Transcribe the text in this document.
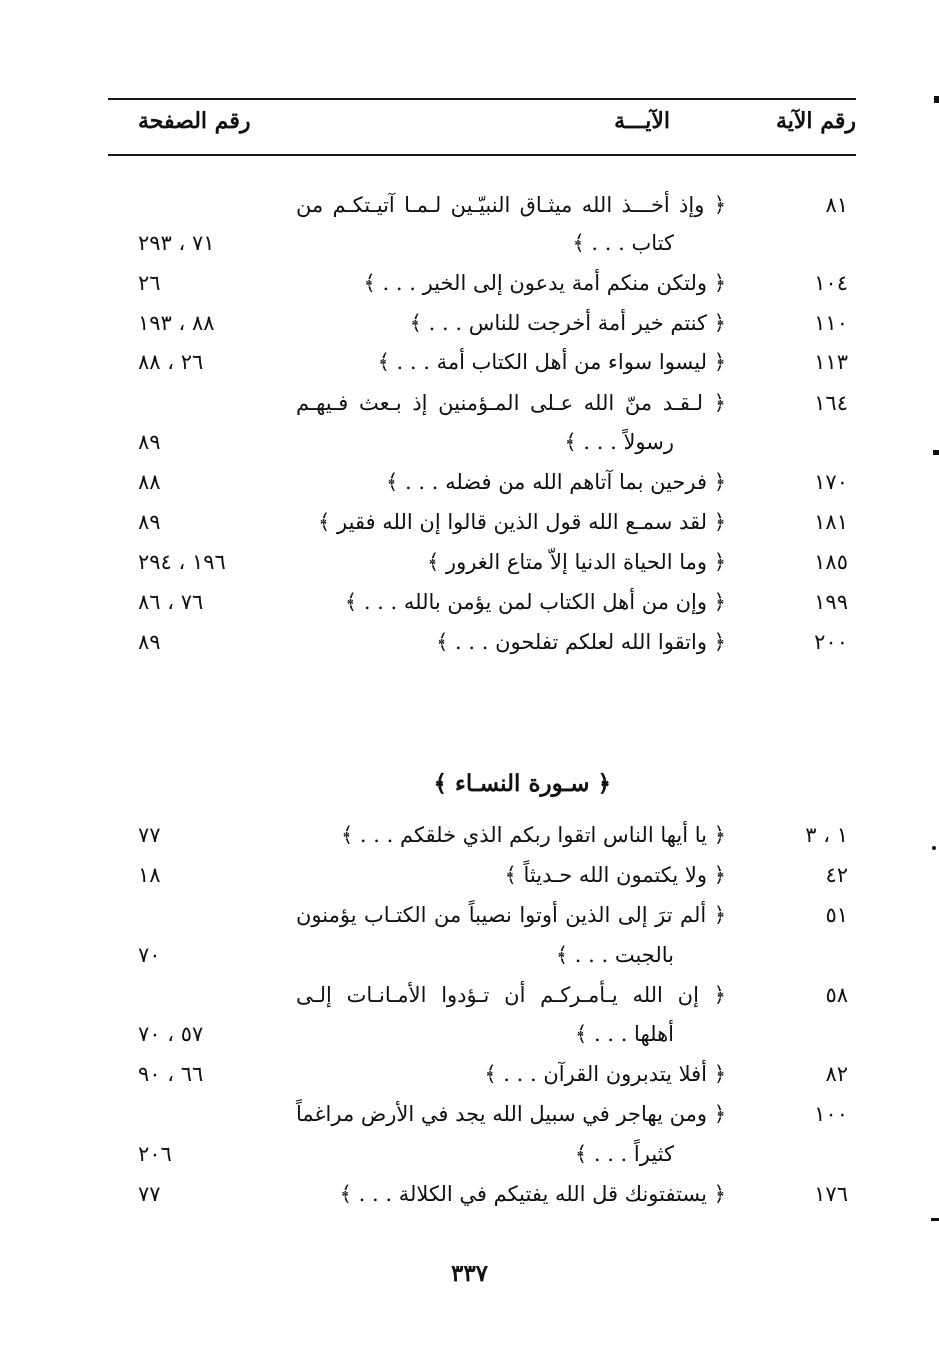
رقم الآية
الآيـــة
رقم الصفحة
٨١
﴿ وإذ أخـــذ الله ميثـاق النبيّـين لـمـا آتيـتكـم من
كتاب . . . ﴾
٧١ ، ٢٩٣
١٠٤
﴿ ولتكن منكم أمة يدعون إلى الخير . . . ﴾
٢٦
١١٠
﴿ كنتم خير أمة أخرجت للناس . . . ﴾
٨٨ ، ١٩٣
١١٣
﴿ ليسوا سواء من أهل الكتاب أمة . . . ﴾
٢٦ ، ٨٨
١٦٤
﴿ لـقـد منّ الله عـلى المـؤمنين إذ بـعث فـيهـم
رسولاً . . . ﴾
٨٩
١٧٠
﴿ فرحين بما آتاهم الله من فضله . . . ﴾
٨٨
١٨١
﴿ لقد سمـع الله قول الذين قالوا إن الله فقير ﴾
٨٩
١٨٥
﴿ وما الحياة الدنيا إلاّ متاع الغرور ﴾
١٩٦ ، ٢٩٤
١٩٩
﴿ وإن من أهل الكتاب لمن يؤمن بالله . . . ﴾
٧٦ ، ٨٦
٢٠٠
﴿ واتقوا الله لعلكم تفلحون . . . ﴾
٨٩
﴿ سـورة النسـاء ﴾
١ ، ٣
﴿ يا أيها الناس اتقوا ربكم الذي خلقكم . . . ﴾
٧٧
٤٢
﴿ ولا يكتمون الله حـديثاً ﴾
١٨
٥١
﴿ ألم ترَ إلى الذين أوتوا نصيباً من الكتـاب يؤمنون
بالجبت . . . ﴾
٧٠
٥٨
﴿ إن الله يـأمـركـم أن تـؤدوا الأمـانـات إلـى
أهلها . . . ﴾
٥٧ ، ٧٠
٨٢
﴿ أفلا يتدبرون القرآن . . . ﴾
٦٦ ، ٩٠
١٠٠
﴿ ومن يهاجر في سبيل الله يجد في الأرض مراغماً
كثيراً . . . ﴾
٢٠٦
١٧٦
﴿ يستفتونك قل الله يفتيكم في الكلالة . . . ﴾
٧٧
٣٣٧
